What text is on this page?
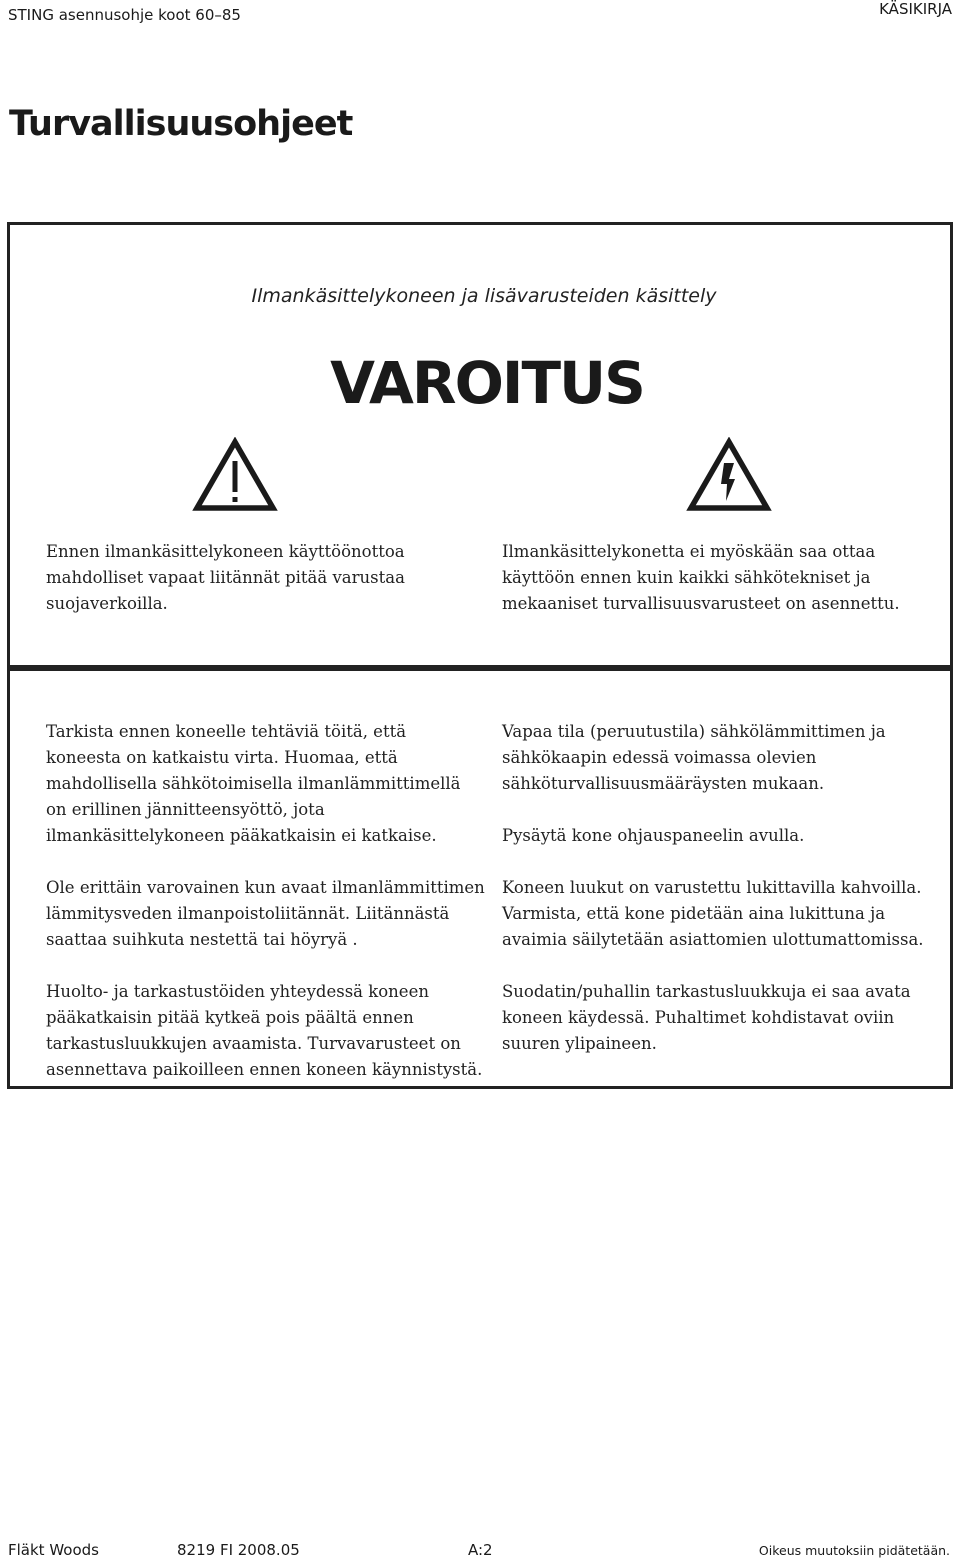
STING asennusohje koot 60–85	KÄSIKIRJA
Turvallisuusohjeet
Ilmankäsittelykoneen ja lisävarusteiden käsittely
VAROITUS

Ennen ilmankäsittelykoneen käyttöönottoa mahdolliset vapaat liitännät pitää varustaa suojaverkoilla.

Ilmankäsittelykonetta ei myöskään saa ottaa käyttöön ennen kuin kaikki sähkötekniset ja mekaaniset turvallisuusvarusteet on asennettu.

Tarkista ennen koneelle tehtäviä töitä, että koneesta on katkaistu virta. Huomaa, että mahdollisella sähkötoimisella ilmanlämmittimellä on erillinen jännitteensyöttö, jota ilmankäsittelykoneen pääkatkaisin ei katkaise.

Ole erittäin varovainen kun avaat ilmanlämmittimen lämmitysveden ilmanpoistoliitännät. Liitännästä saattaa suihkuta nestettä tai höyryä .

Huolto- ja tarkastustöiden yhteydessä koneen pääkatkaisin pitää kytkeä pois päältä ennen tarkastusluukkujen avaamista. Turvavarusteet on asennettava paikoilleen ennen koneen käynnistystä.

Vapaa tila (peruutustila) sähkölämmittimen ja sähkökaapin edessä voimassa olevien sähköturvallisuusmääräysten mukaan.

Pysäytä kone ohjauspaneelin avulla.

Koneen luukut on varustettu lukittavilla kahvoilla. Varmista, että kone pidetään aina lukittuna ja avaimia säilytetään asiattomien ulottumattomissa.

Suodatin/puhallin tarkastusluukkuja ei saa avata koneen käydessä. Puhaltimet kohdistavat oviin suuren ylipaineen.

Fläkt Woods	8219 FI 2008.05	A:2	Oikeus muutoksiin pidätetään.
